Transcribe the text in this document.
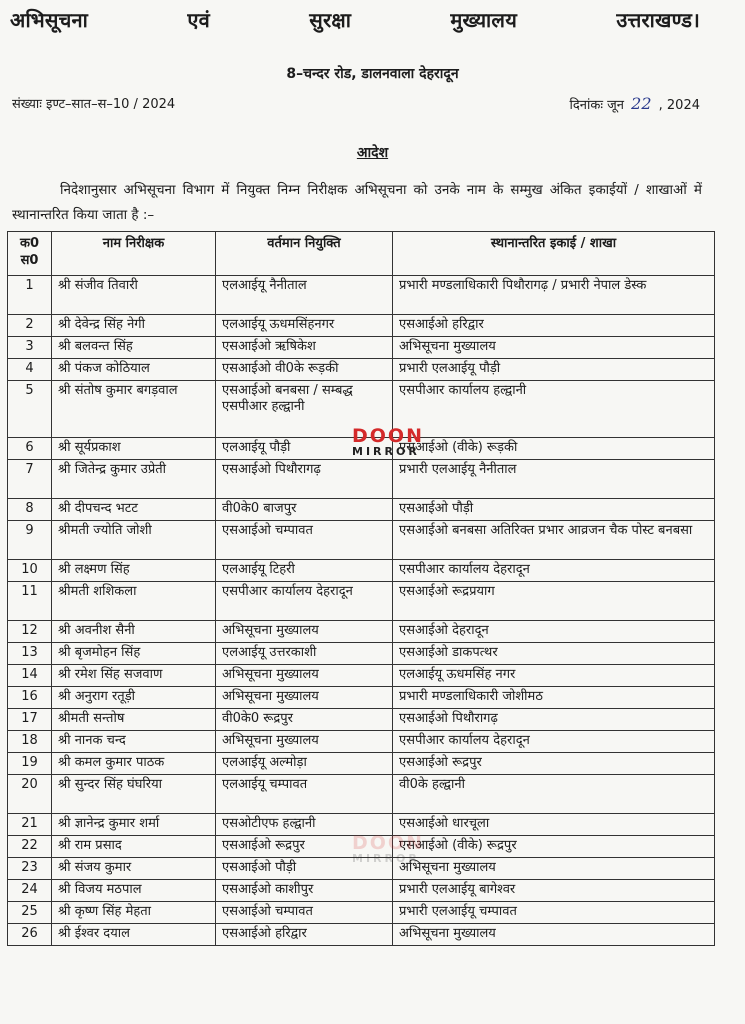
अभिसूचना	एवं	सुरक्षा	मुख्यालय	उत्तराखण्ड।
8–चन्दर रोड, डालनवाला देहरादून
संख्याः इण्ट–सात–स–10 / 2024	दिनांकः जून 22 , 2024
आदेश
निदेशानुसार अभिसूचना विभाग में नियुक्त निम्न निरीक्षक अभिसूचना को उनके नाम के सम्मुख अंकित इकाईयों / शाखाओं में स्थानान्तरित किया जाता है :–
क0 स0	नाम निरीक्षक	वर्तमान नियुक्ति	स्थानान्तरित इकाई / शाखा
1	श्री संजीव तिवारी	एलआईयू नैनीताल	प्रभारी मण्डलाधिकारी पिथौरागढ़ / प्रभारी नेपाल डेस्क
2	श्री देवेन्द्र सिंह नेगी	एलआईयू ऊधमसिंहनगर	एसआईओ हरिद्वार
3	श्री बलवन्त सिंह	एसआईओ ऋषिकेश	अभिसूचना मुख्यालय
4	श्री पंकज कोठियाल	एसआईओ वी0के रूड़की	प्रभारी एलआईयू पौड़ी
5	श्री संतोष कुमार बगड़वाल	एसआईओ बनबसा / सम्बद्ध एसपीआर हल्द्वानी	एसपीआर कार्यालय हल्द्वानी
6	श्री सूर्यप्रकाश	एलआईयू पौड़ी	एसआईओ (वीके) रूड़की
7	श्री जितेन्द्र कुमार उप्रेती	एसआईओ पिथौरागढ़	प्रभारी एलआईयू नैनीताल
8	श्री दीपचन्द भटट	वी0के0 बाजपुर	एसआईओ पौड़ी
9	श्रीमती ज्योति जोशी	एसआईओ चम्पावत	एसआईओ बनबसा अतिरिक्त प्रभार आव्रजन चैक पोस्ट बनबसा
10	श्री लक्ष्मण सिंह	एलआईयू टिहरी	एसपीआर कार्यालय देहरादून
11	श्रीमती शशिकला	एसपीआर कार्यालय देहरादून	एसआईओ रूद्रप्रयाग
12	श्री अवनीश सैनी	अभिसूचना मुख्यालय	एसआईओ देहरादून
13	श्री बृजमोहन सिंह	एलआईयू उत्तरकाशी	एसआईओ डाकपत्थर
14	श्री रमेश सिंह सजवाण	अभिसूचना मुख्यालय	एलआईयू ऊधमसिंह नगर
16	श्री अनुराग रतूड़ी	अभिसूचना मुख्यालय	प्रभारी मण्डलाधिकारी जोशीमठ
17	श्रीमती सन्तोष	वी0के0 रूद्रपुर	एसआईओ पिथौरागढ़
18	श्री नानक चन्द	अभिसूचना मुख्यालय	एसपीआर कार्यालय देहरादून
19	श्री कमल कुमार पाठक	एलआईयू अल्मोड़ा	एसआईओ रूद्रपुर
20	श्री सुन्दर सिंह घंघरिया	एलआईयू चम्पावत	वी0के हल्द्वानी
21	श्री ज्ञानेन्द्र कुमार शर्मा	एसओटीएफ हल्द्वानी	एसआईओ धारचूला
22	श्री राम प्रसाद	एसआईओ रूद्रपुर	एसआईओ (वीके) रूद्रपुर
23	श्री संजय कुमार	एसआईओ पौड़ी	अभिसूचना मुख्यालय
24	श्री विजय मठपाल	एसआईओ काशीपुर	प्रभारी एलआईयू बागेश्वर
25	श्री कृष्ण सिंह मेहता	एसआईओ चम्पावत	प्रभारी एलआईयू चम्पावत
26	श्री ईश्वर दयाल	एसआईओ हरिद्वार	अभिसूचना मुख्यालय
DOON
MIRROR
DOON
MIRROR
